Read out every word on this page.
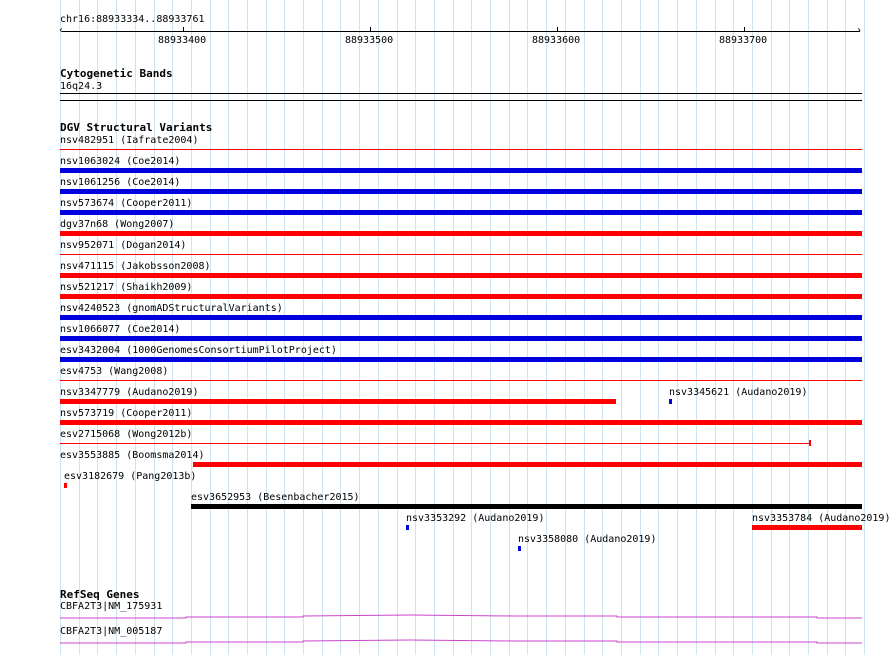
chr16:88933334..88933761
‹	›
88933400	88933500	88933600	88933700
Cytogenetic Bands
16q24.3
DGV Structural Variants
nsv482951 (Iafrate2004)
nsv1063024 (Coe2014)
nsv1061256 (Coe2014)
nsv573674 (Cooper2011)
dgv37n68 (Wong2007)
nsv952071 (Dogan2014)
nsv471115 (Jakobsson2008)
nsv521217 (Shaikh2009)
nsv4240523 (gnomADStructuralVariants)
nsv1066077 (Coe2014)
esv3432004 (1000GenomesConsortiumPilotProject)
esv4753 (Wang2008)
nsv3347779 (Audano2019)	nsv3345621 (Audano2019)
nsv573719 (Cooper2011)
esv2715068 (Wong2012b)
esv3553885 (Boomsma2014)
esv3182679 (Pang2013b)
esv3652953 (Besenbacher2015)
nsv3353292 (Audano2019)	nsv3353784 (Audano2019)
nsv3358080 (Audano2019)
RefSeq Genes
CBFA2T3|NM_175931
CBFA2T3|NM_005187
